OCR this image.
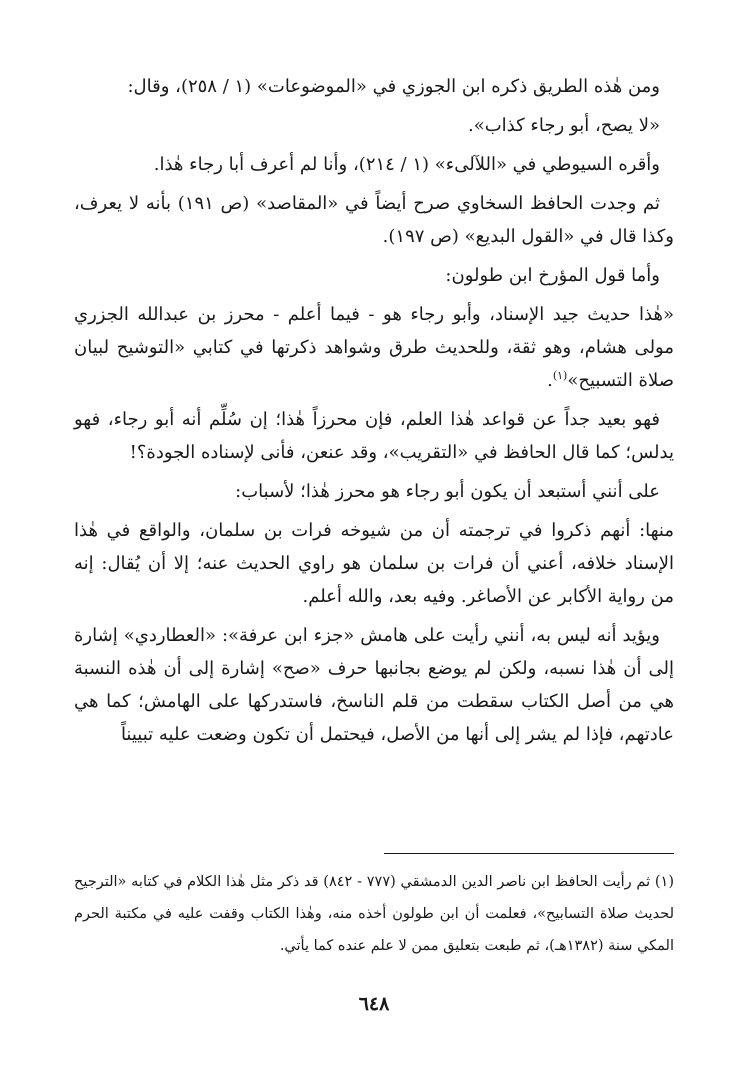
ومن هٰذه الطريق ذكره ابن الجوزي في «الموضوعات» (١ / ٢٥٨)، وقال:

«لا يصح، أبو رجاء كذاب».

وأقره السيوطي في «اللآلىء» (١ / ٢١٤)، وأنا لم أعرف أبا رجاء هٰذا.

ثم وجدت الحافظ السخاوي صرح أيضاً في «المقاصد» (ص ١٩١) بأنه لا يعرف، وكذا قال في «القول البديع» (ص ١٩٧).

وأما قول المؤرخ ابن طولون:

«هٰذا حديث جيد الإسناد، وأبو رجاء هو - فيما أعلم - محرز بن عبدالله الجزري مولى هشام، وهو ثقة، وللحديث طرق وشواهد ذكرتها في كتابي «التوشيح لبيان صلاة التسبيح»$^{(١)}$.

فهو بعيد جداً عن قواعد هٰذا العلم، فإن محرزاً هٰذا؛ إن سُلِّم أنه أبو رجاء، فهو يدلس؛ كما قال الحافظ في «التقريب»، وقد عنعن، فأنى لإسناده الجودة؟!

على أنني أستبعد أن يكون أبو رجاء هو محرز هٰذا؛ لأسباب:

منها: أنهم ذكروا في ترجمته أن من شيوخه فرات بن سلمان، والواقع في هٰذا الإسناد خلافه، أعني أن فرات بن سلمان هو راوي الحديث عنه؛ إلا أن يُقال: إنه من رواية الأكابر عن الأصاغر. وفيه بعد، والله أعلم.

ويؤيد أنه ليس به، أنني رأيت على هامش «جزء ابن عرفة»: «العطاردي» إشارة إلى أن هٰذا نسبه، ولكن لم يوضع بجانبها حرف «صح» إشارة إلى أن هٰذه النسبة هي من أصل الكتاب سقطت من قلم الناسخ، فاستدركها على الهامش؛ كما هي عادتهم، فإذا لم يشر إلى أنها من الأصل، فيحتمل أن تكون وضعت عليه تبييناً

(١) ثم رأيت الحافظ ابن ناصر الدين الدمشقي (٧٧٧ - ٨٤٢) قد ذكر مثل هٰذا الكلام في كتابه «الترجيح لحديث صلاة التسابيح»، فعلمت أن ابن طولون أخذه منه، وهٰذا الكتاب وقفت عليه في مكتبة الحرم المكي سنة (١٣٨٢هـ)، ثم طبعت بتعليق ممن لا علم عنده كما يأتي.

٦٤٨
